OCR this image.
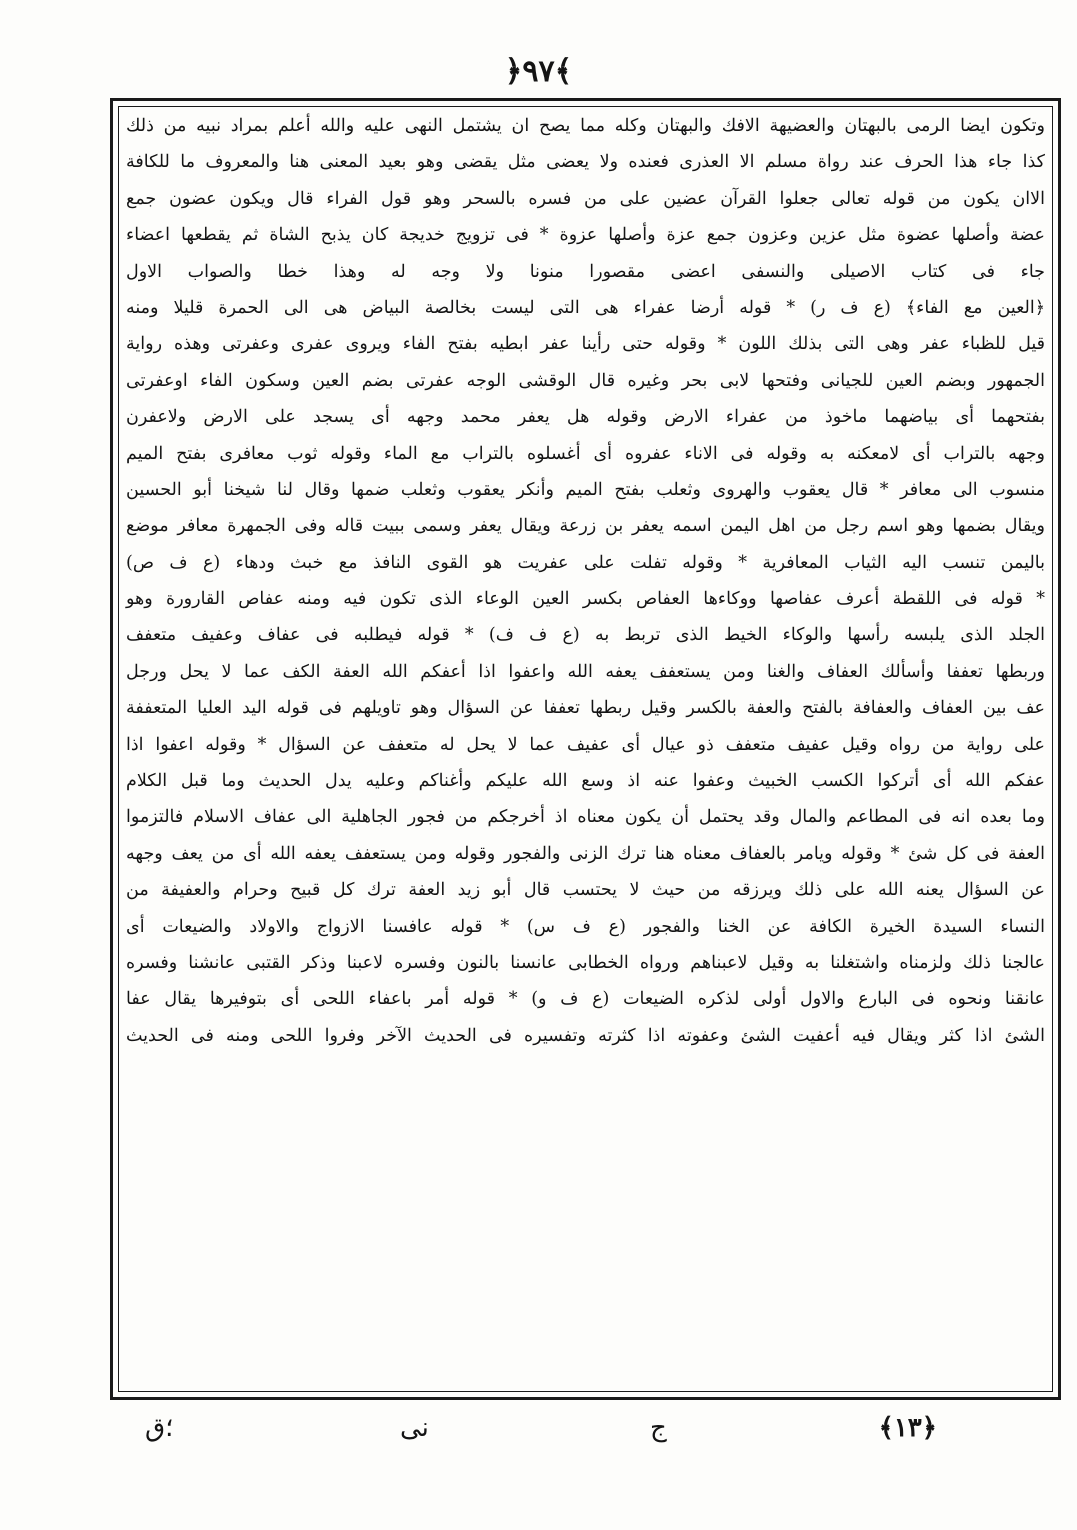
﴿٩٧﴾
وتكون ايضا الرمى بالبهتان والعضيهة الافك والبهتان وكله مما يصح ان يشتمل النهى عليه والله أعلم بمراد نبيه من ذلك
كذا جاء هذا الحرف عند رواة مسلم الا العذرى فعنده ولا يعضى مثل يقضى وهو بعيد المعنى هنا والمعروف ما للكافة
الاان يكون من قوله تعالى جعلوا القرآن عضين على من فسره بالسحر وهو قول الفراء قال ويكون عضون جمع
عضة وأصلها عضوة مثل عزين وعزون جمع عزة وأصلها عزوة * فى تزويج خديجة كان يذبح الشاة ثم يقطعها اعضاء
جاء فى كتاب الاصيلى والنسفى اعضى مقصورا منونا ولا وجه له وهذا خطا والصواب الاول
﴿العين مع الفاء﴾ (ع ف ر) * قوله أرضا عفراء هى التى ليست بخالصة البياض هى الى الحمرة قليلا ومنه
قيل للظباء عفر وهى التى بذلك اللون * وقوله حتى رأينا عفر ابطيه بفتح الفاء ويروى عفرى وعفرتى وهذه رواية
الجمهور وبضم العين للجيانى وفتحها لابى بحر وغيره قال الوقشى الوجه عفرتى بضم العين وسكون الفاء اوعفرتى
بفتحهما أى بياضهما ماخوذ من عفراء الارض وقوله هل يعفر محمد وجهه أى يسجد على الارض ولاعفرن
وجهه بالتراب أى لامعكنه به وقوله فى الاناء عفروه أى أغسلوه بالتراب مع الماء وقوله ثوب معافرى بفتح الميم
منسوب الى معافر * قال يعقوب والهروى وثعلب بفتح الميم وأنكر يعقوب وثعلب ضمها وقال لنا شيخنا أبو الحسين
ويقال بضمها وهو اسم رجل من اهل اليمن اسمه يعفر بن زرعة ويقال يعفر وسمى ببيت قاله وفى الجمهرة معافر موضع
باليمن تنسب اليه الثياب المعافرية * وقوله تفلت على عفريت هو القوى النافذ مع خبث ودهاء (ع ف ص)
* قوله فى اللقطة أعرف عفاصها ووكاءها العفاص بكسر العين الوعاء الذى تكون فيه ومنه عفاص القارورة وهو
الجلد الذى يلبسه رأسها والوكاء الخيط الذى تربط به (ع ف ف) * قوله فيطلبه فى عفاف وعفيف متعفف
وربطها تعففا وأسألك العفاف والغنا ومن يستعفف يعفه الله واعفوا اذا أعفكم الله العفة الكف عما لا يحل ورجل
عف بين العفاف والعفافة بالفتح والعفة بالكسر وقيل ربطها تعففا عن السؤال وهو تاويلهم فى قوله اليد العليا المتعففة
على رواية من رواه وقيل عفيف متعفف ذو عيال أى عفيف عما لا يحل له متعفف عن السؤال * وقوله اعفوا اذا
عفكم الله أى أتركوا الكسب الخبيث وعفوا عنه اذ وسع الله عليكم وأغناكم وعليه يدل الحديث وما قبل الكلام
وما بعده انه فى المطاعم والمال وقد يحتمل أن يكون معناه اذ أخرجكم من فجور الجاهلية الى عفاف الاسلام فالتزموا
العفة فى كل شئ * وقوله ويامر بالعفاف معناه هنا ترك الزنى والفجور وقوله ومن يستعفف يعفه الله أى من يعف وجهه
عن السؤال يعنه الله على ذلك ويرزقه من حيث لا يحتسب قال أبو زيد العفة ترك كل قبيح وحرام والعفيفة من
النساء السيدة الخيرة الكافة عن الخنا والفجور (ع ف س) * قوله عافسنا الازواج والاولاد والضيعات أى
عالجنا ذلك ولزمناه واشتغلنا به وقيل لاعبناهم ورواه الخطابى عانسنا بالنون وفسره لاعبنا وذكر القتبى عانشنا وفسره
عانقنا ونحوه فى البارع والاول أولى لذكره الضيعات (ع ف و) * قوله أمر باعفاء اللحى أى بتوفيرها يقال عفا
الشئ اذا كثر ويقال فيه أعفيت الشئ وعفوته اذا كثرته وتفسيره فى الحديث الآخر وفروا اللحى ومنه فى الحديث
﴿١٣﴾
ج
نى
؛ق
